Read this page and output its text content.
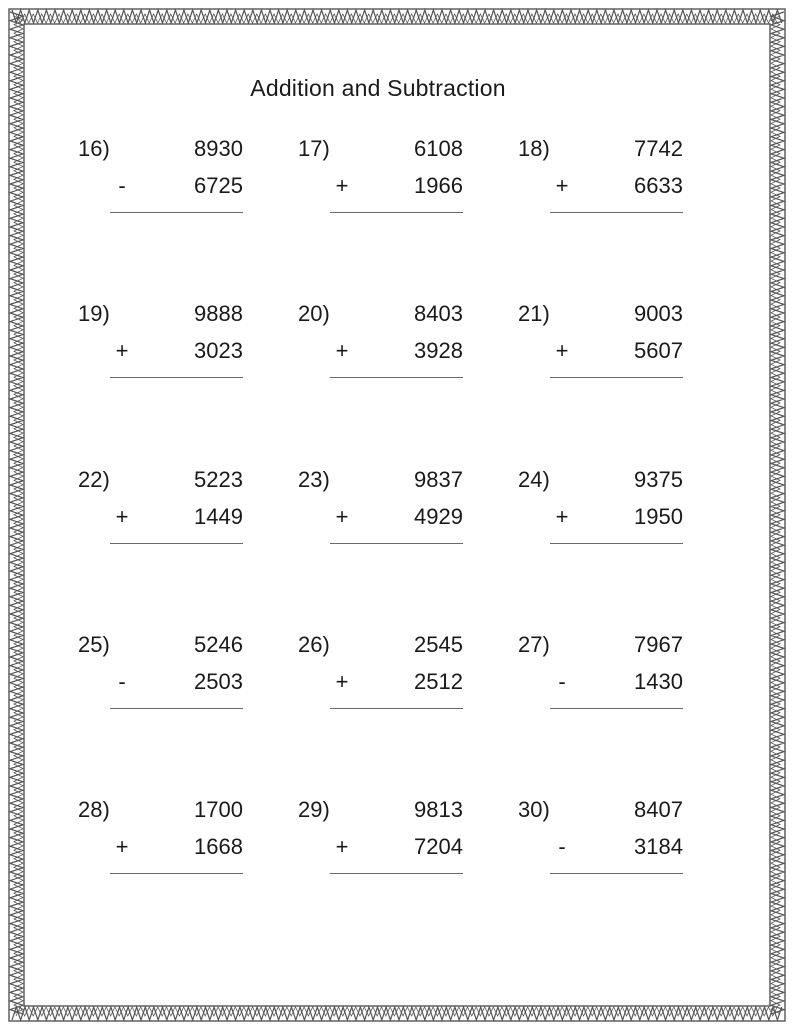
Addition and Subtraction
16)	8930
-	6725
17)	6108
+	1966
18)	7742
+	6633
19)	9888
+	3023
20)	8403
+	3928
21)	9003
+	5607
22)	5223
+	1449
23)	9837
+	4929
24)	9375
+	1950
25)	5246
-	2503
26)	2545
+	2512
27)	7967
-	1430
28)	1700
+	1668
29)	9813
+	7204
30)	8407
-	3184
